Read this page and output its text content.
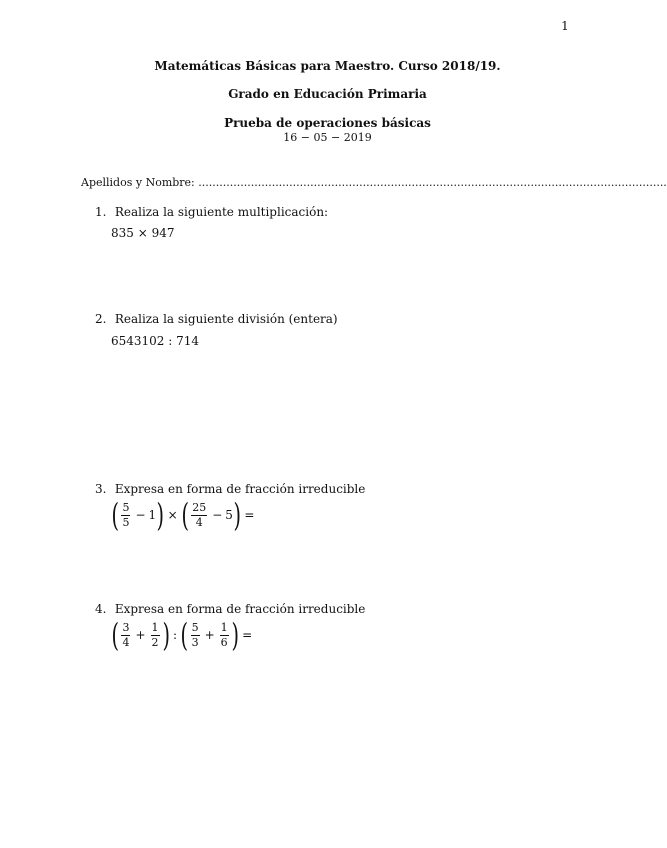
1
Matemáticas Básicas para Maestro. Curso 2018/19.
Grado en Educación Primaria
Prueba de operaciones básicas
16 − 05 − 2019
Apellidos y Nombre: ......................................................................................................................................
1. Realiza la siguiente multiplicación:
835 × 947
2. Realiza la siguiente división (entera)
6543102 : 714
3. Expresa en forma de fracción irreducible
( $\frac{5}{5} - 1$ ) × ( $\frac{25}{4} - 5$ ) =
4. Expresa en forma de fracción irreducible
( $\frac{3}{4} + \frac{1}{2}$ ) : ( $\frac{5}{3} + \frac{1}{6}$ ) =
